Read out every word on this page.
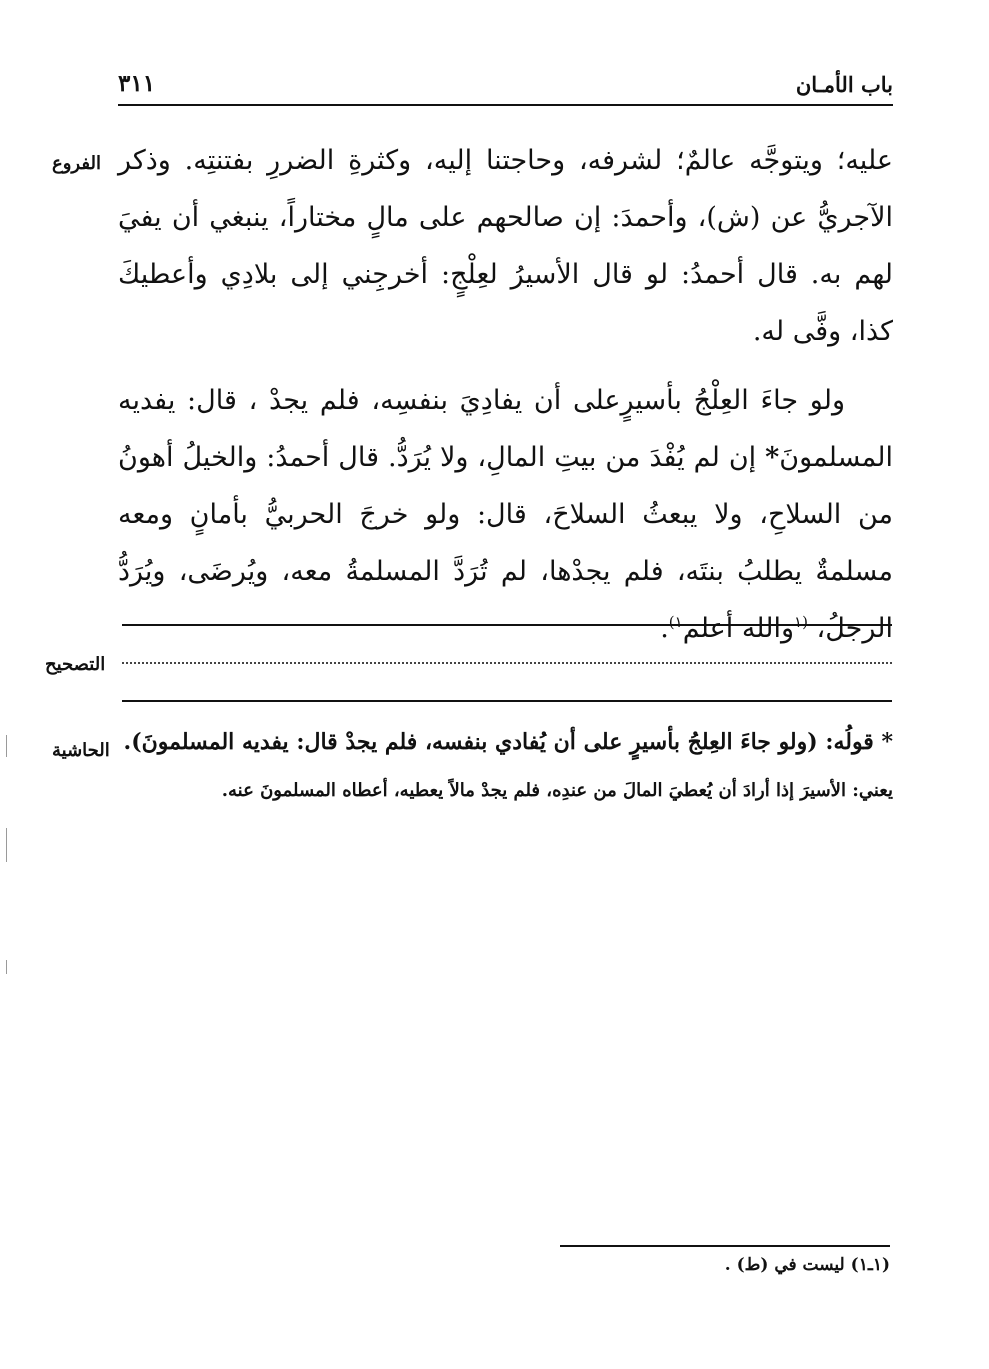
باب الأمـان
٣١١
الفروع
التصحيح
الحاشية

عليه؛ ويتوجَّه عالمٌ؛ لشرفه، وحاجتنا إليه، وكثرةِ الضررِ بفتنتِه. وذكر الآجريُّ عن (ش)، وأحمدَ: إن صالحهم على مالٍ مختاراً، ينبغي أن يفيَ لهم به. قال أحمدُ: لو قال الأسيرُ لعِلْجٍ: أخرجِني إلى بلادِي وأعطيكَ كذا، وفَّى له.

ولو جاءَ العِلْجُ بأسيرٍعلى أن يفادِيَ بنفسِه، فلم يجدْ ، قال: يفديه المسلمونَ* إن لم يُفْدَ من بيتِ المالِ، ولا يُرَدُّ. قال أحمدُ: والخيلُ أهونُ من السلاحِ، ولا يبعثُ السلاحَ، قال: ولو خرجَ الحربيُّ بأمانٍ ومعه مسلمةٌ يطلبُ بنتَه، فلم يجدْها، لم تُرَدَّ المسلمةُ معه، ويُرضَى، ويُرَدُّ الرجلُ، $^{(١}$والله أعلم$^{١)}$.

* قولُه: (ولو جاءَ العِلجُ بأسيرٍ على أن يُفادي بنفسه، فلم يجدْ قال: يفديه المسلمونَ).
يعني: الأسيرَ إذا أرادَ أن يُعطيَ المالَ من عندِه، فلم يجدْ مالاً يعطيه، أعطاه المسلمونَ عنه.
(١ـ١) ليست في (ط) .
